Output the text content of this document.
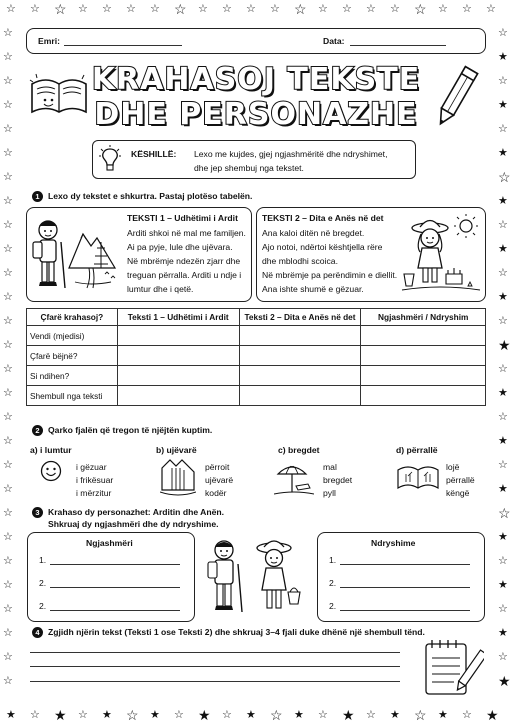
☆
★
☆
☆
☆
★
☆
☆
☆
★
☆
☆
☆
★
☆
☆
☆
★
☆
☆
☆
★
☆
☆
☆
★
☆
☆
☆
★
☆
☆
☆
★
☆
☆
☆
★
☆
☆
☆
★
☆	☆
☆	★
☆	☆
☆	★
☆	☆
☆	★
☆	☆
☆	★
☆	☆
☆	★
☆	☆
☆	★
☆	☆
☆	★
☆	☆
☆	★
☆	☆
☆	★
☆	☆
☆	★
☆	☆
☆	★
☆	☆
☆	★
☆	☆
☆	★
☆	☆
☆	★
Emri:	Data:
KRAHASOJ TEKSTE
DHE PERSONAZHE
KËSHILLË: Lexo me kujdes, gjej ngjashmëritë dhe ndryshimet,
dhe jep shembuj nga tekstet.
1 Lexo dy tekstet e shkurtra. Pastaj plotëso tabelën.
TEKSTI 1 – Udhëtimi i Ardit
Arditi shkoi në mal me familjen.
Ai pa pyje, lule dhe ujëvara.
Në mbrëmje ndezën zjarr dhe
treguan përralla. Arditi u ndje i
lumtur dhe i qetë.
TEKSTI 2 – Dita e Anës në det
Ana kaloi ditën në bregdet.
Ajo notoi, ndërtoi kështjella rëre
dhe mblodhi scoica.
Në mbrëmje pa perëndimin e diellit.
Ana ishte shumë e gëzuar.
Çfarë krahasoj?	Teksti 1 – Udhëtimi i Ardit	Teksti 2 – Dita e Anës në det	Ngjashmëri / Ndryshim
Vendi (mjedisi)			
Çfarë bëjnë?			
Si ndihen?			
Shembull nga teksti			
2 Qarko fjalën që tregon të njëjtën kuptim.
a) i lumtur
i gëzuar
i frikësuar
i mërzitur
b) ujëvarë
përroit
ujëvarë
kodër
c) bregdet
mal
bregdet
pyll
d) përrallë
lojë
përrallë
këngë
3 Krahaso dy personazhet: Arditin dhe Anën.
Shkruaj dy ngjashmëri dhe dy ndryshime.
Ngjashmëri
1.
2.
2.
Ndryshime
1.
2.
2.
4 Zgjidh njërin tekst (Teksti 1 ose Teksti 2) dhe shkruaj 3–4 fjali duke dhënë një shembull tënd.
